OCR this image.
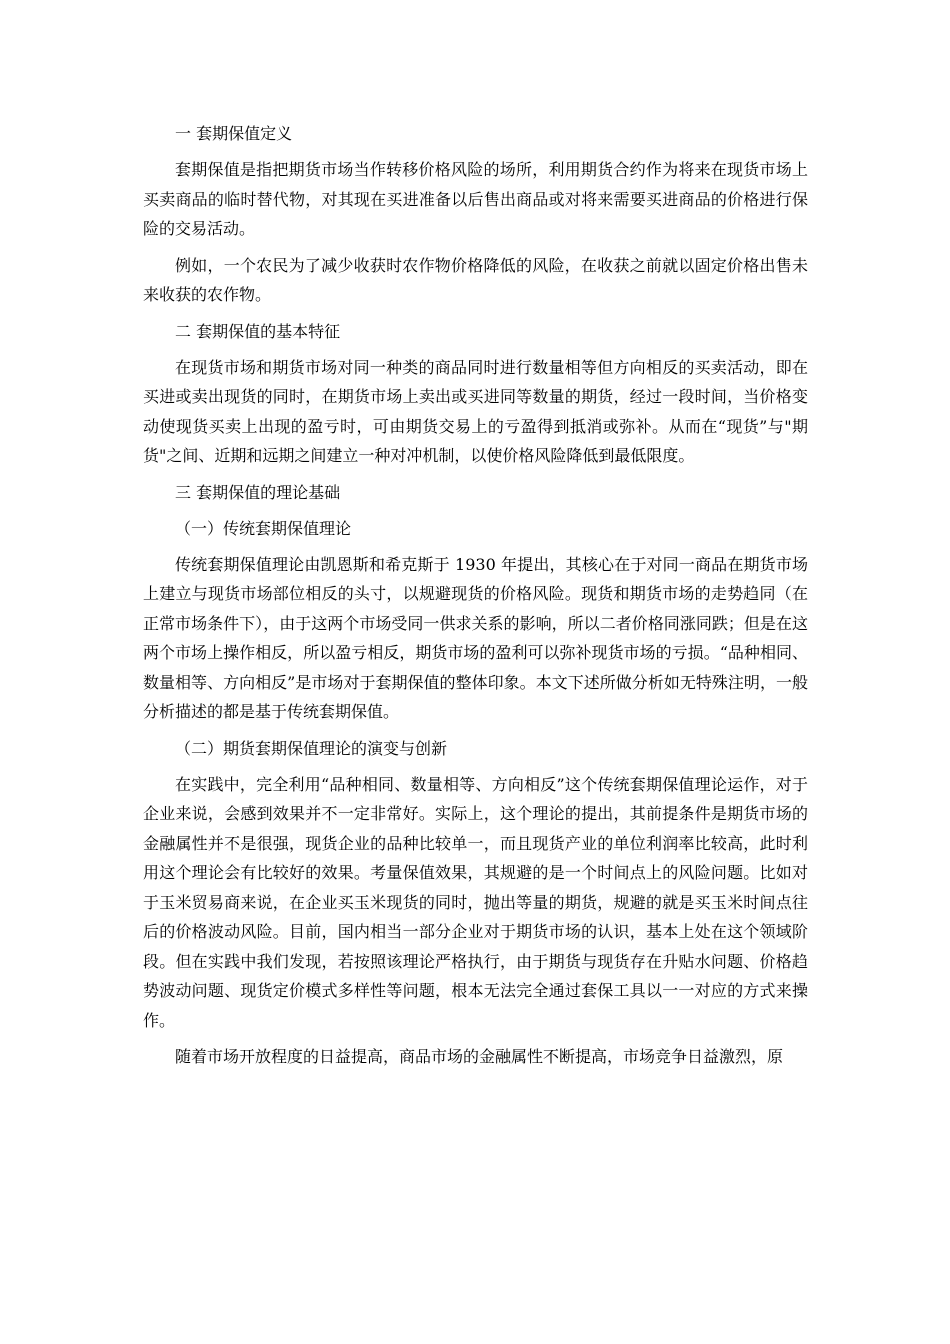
一 套期保值定义

套期保值是指把期货市场当作转移价格风险的场所，利用期货合约作为将来在现货市场上买卖商品的临时替代物，对其现在买进准备以后售出商品或对将来需要买进商品的价格进行保险的交易活动。

例如，一个农民为了减少收获时农作物价格降低的风险，在收获之前就以固定价格出售未来收获的农作物。

二 套期保值的基本特征

在现货市场和期货市场对同一种类的商品同时进行数量相等但方向相反的买卖活动，即在买进或卖出现货的同时，在期货市场上卖出或买进同等数量的期货，经过一段时间，当价格变动使现货买卖上出现的盈亏时，可由期货交易上的亏盈得到抵消或弥补。从而在“现货”与"期货"之间、近期和远期之间建立一种对冲机制，以使价格风险降低到最低限度。

三 套期保值的理论基础

（一）传统套期保值理论

传统套期保值理论由凯恩斯和希克斯于 1930 年提出，其核心在于对同一商品在期货市场上建立与现货市场部位相反的头寸，以规避现货的价格风险。现货和期货市场的走势趋同（在正常市场条件下），由于这两个市场受同一供求关系的影响，所以二者价格同涨同跌；但是在这两个市场上操作相反，所以盈亏相反，期货市场的盈利可以弥补现货市场的亏损。“品种相同、数量相等、方向相反”是市场对于套期保值的整体印象。本文下述所做分析如无特殊注明，一般分析描述的都是基于传统套期保值。

（二）期货套期保值理论的演变与创新

在实践中，完全利用“品种相同、数量相等、方向相反”这个传统套期保值理论运作，对于企业来说，会感到效果并不一定非常好。实际上，这个理论的提出，其前提条件是期货市场的金融属性并不是很强，现货企业的品种比较单一，而且现货产业的单位利润率比较高，此时利用这个理论会有比较好的效果。考量保值效果，其规避的是一个时间点上的风险问题。比如对于玉米贸易商来说，在企业买玉米现货的同时，抛出等量的期货，规避的就是买玉米时间点往后的价格波动风险。目前，国内相当一部分企业对于期货市场的认识，基本上处在这个领域阶段。但在实践中我们发现，若按照该理论严格执行，由于期货与现货存在升贴水问题、价格趋势波动问题、现货定价模式多样性等问题，根本无法完全通过套保工具以一一对应的方式来操作。

随着市场开放程度的日益提高，商品市场的金融属性不断提高，市场竞争日益激烈，原
